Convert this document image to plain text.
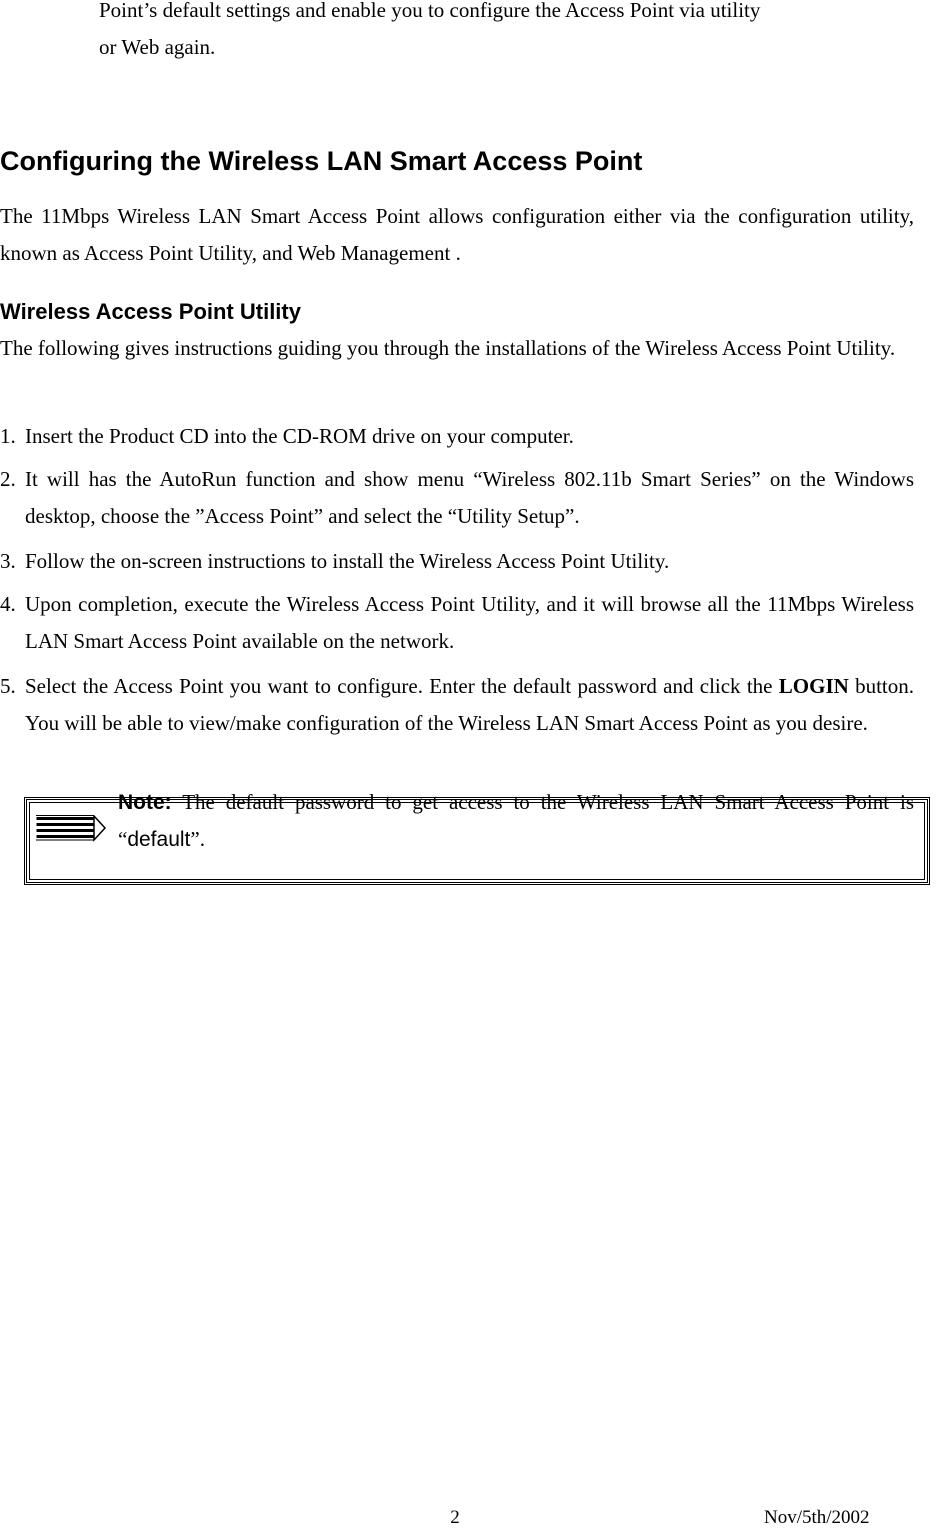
Point’s default settings and enable you to configure the Access Point via utility
or Web again.
Configuring the Wireless LAN Smart Access Point
The 11Mbps Wireless LAN Smart Access Point allows configuration either via the configuration utility, known as Access Point Utility, and Web Management .
Wireless Access Point Utility
The following gives instructions guiding you through the installations of the Wireless Access Point Utility.
1. Insert the Product CD into the CD-ROM drive on your computer.
2. It will has the AutoRun function and show menu “Wireless 802.11b Smart Series” on the Windows desktop, choose the ”Access Point” and select the “Utility Setup”.
3. Follow the on-screen instructions to install the Wireless Access Point Utility.
4. Upon completion, execute the Wireless Access Point Utility, and it will browse all the 11Mbps Wireless LAN Smart Access Point available on the network.
5. Select the Access Point you want to configure. Enter the default password and click the LOGIN button. You will be able to view/make configuration of the Wireless LAN Smart Access Point as you desire.
Note: The default password to get access to the Wireless LAN Smart Access Point is “default”.
2	Nov/5th/2002
